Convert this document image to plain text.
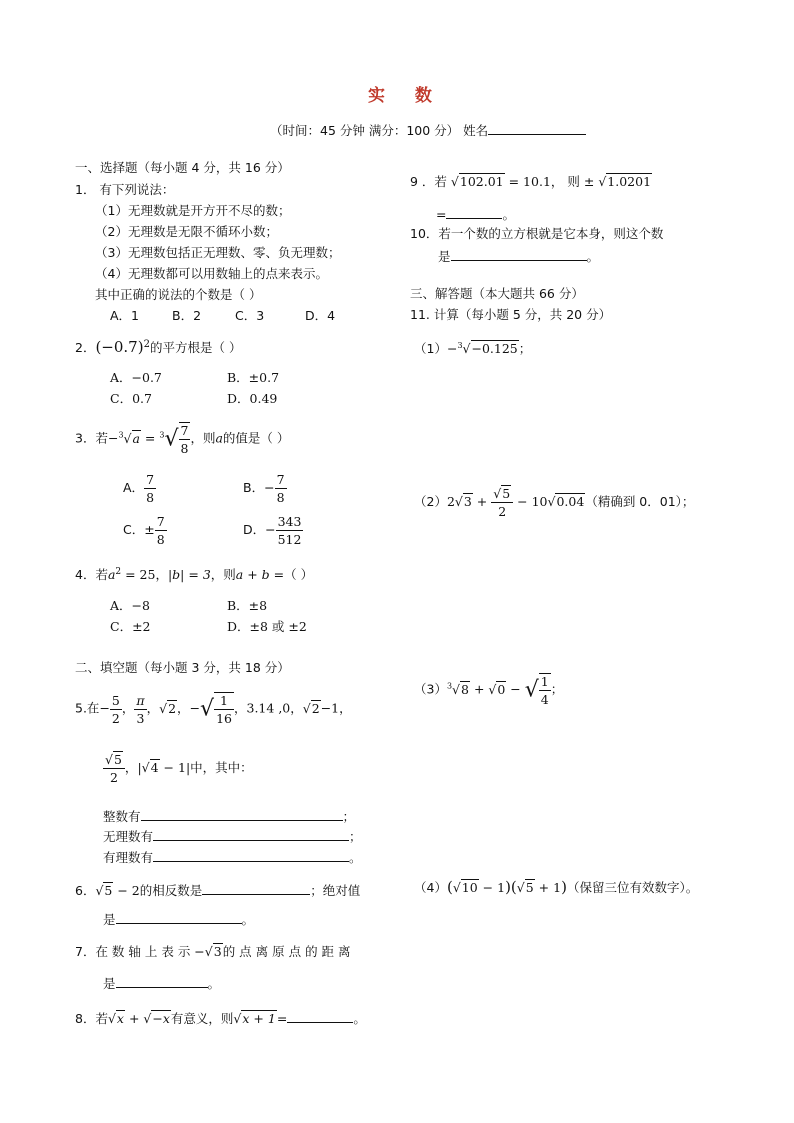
实 数
（时间：45 分钟 满分：100 分） 姓名
一、选择题（每小题 4 分，共 16 分）
1． 有下列说法：
（1）无理数就是开方开不尽的数；
（2）无理数是无限不循环小数；
（3）无理数包括正无理数、零、负无理数；
（4）无理数都可以用数轴上的点来表示。
其中正确的说法的个数是（ ）
A．1	B．2	C．3	D．4
2．$(-0.7)^2$的平方根是（ ）
A．−0.7	B．±0.7
C．0.7	D．0.49
3．若$-^3√a = ^3√ \frac{7}{8}$ ，则a的值是（ ）
A． $\frac{7}{8}$	B．− $\frac{7}{8}$
C．± $\frac{7}{8}$	D．− $\frac{343}{512}$
4．若$a^2 = 25$，|b| = 3，则a + b =（ ）
A．−8	B．±8
C．±2	D．±8 或 ±2
二、填空题（每小题 3 分，共 18 分）
5.在− $\frac{5}{2}$ ， $\frac{\pi}{3}$ ，√2，−√ $\frac{1}{16}$ ，3.14 ,0，√2−1，
$\frac{√5}{2}$ ，|√4 − 1|中，其中：
整数有	；
无理数有	；
有理数有	。
6．√5 − 2的相反数是	；绝对值
是	。
7．在 数 轴 上 表 示 −√3的 点 离 原 点 的 距 离
是	。
8．若√x + √−x有意义，则√x + 1=	。
9 ．若 √102.01 = 10.1， 则 ± √1.0201
=	。
10．若一个数的立方根就是它本身，则这个数
是	。
三、解答题（本大题共 66 分）
11. 计算（每小题 5 分，共 20 分）
（1）−$^3$√−0.125；
$(2)2√3 + \frac{√5}{2} - 10√0.04$（精确到 0．01）；
$(3)^3√8 + √0$ − √ $\frac{1}{4}$ ；
（4）(√10 − 1)(√5 + 1)（保留三位有效数字）。
